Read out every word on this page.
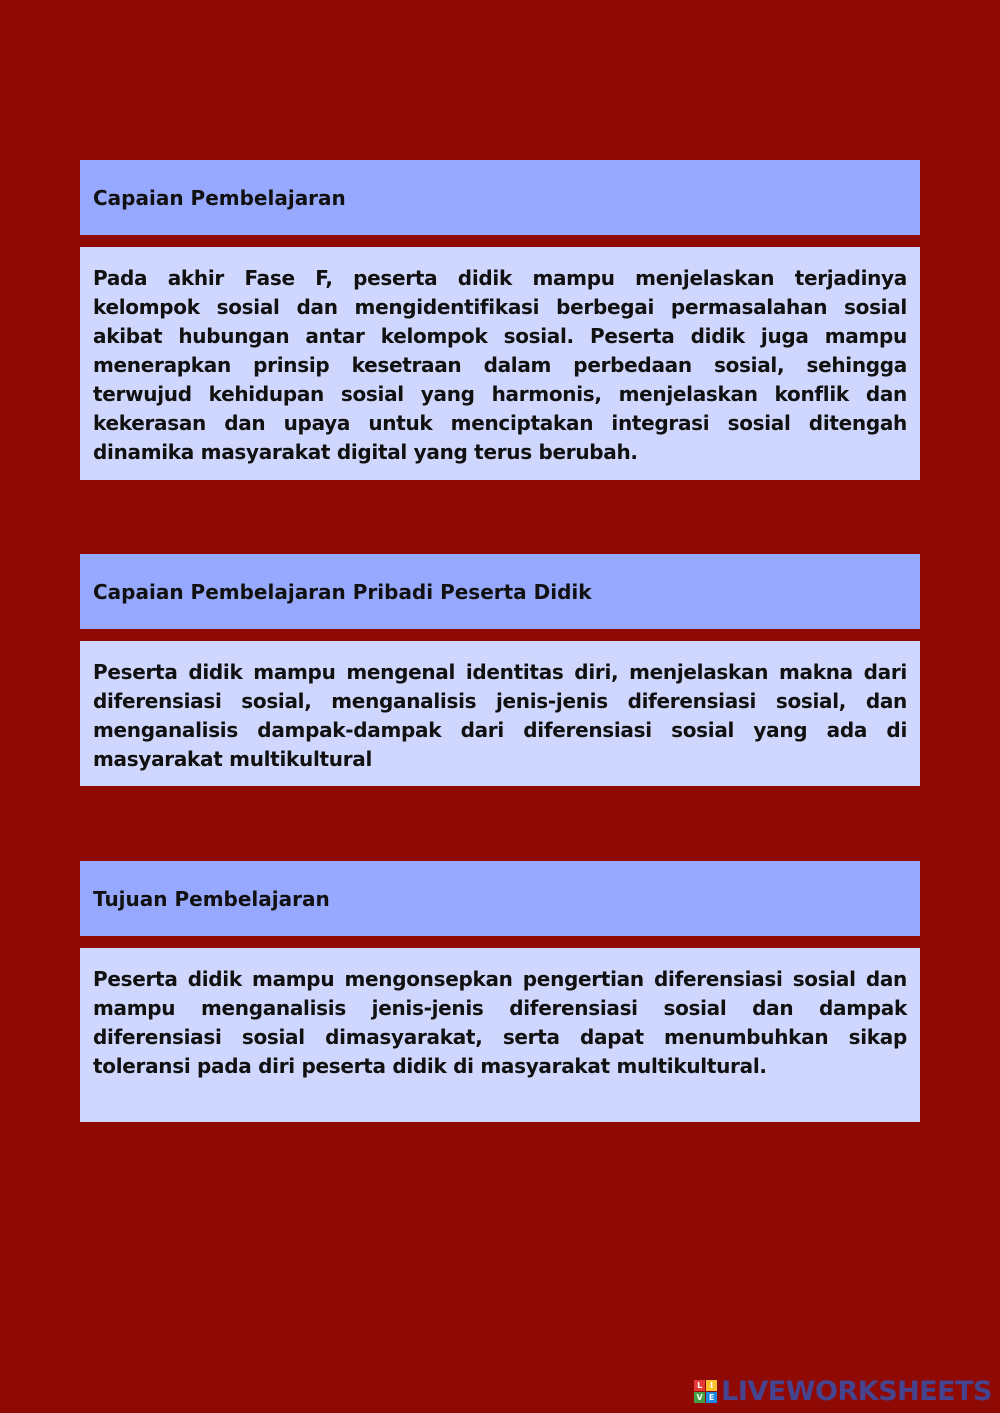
Capaian Pembelajaran
Pada akhir Fase F, peserta didik mampu menjelaskan terjadinya kelompok sosial dan mengidentifikasi berbegai permasalahan sosial akibat hubungan antar kelompok sosial. Peserta didik juga mampu menerapkan prinsip kesetraan dalam perbedaan sosial, sehingga terwujud kehidupan sosial yang harmonis, menjelaskan konflik dan kekerasan dan upaya untuk menciptakan integrasi sosial ditengah dinamika masyarakat digital yang terus berubah.
Capaian Pembelajaran Pribadi Peserta Didik
Peserta didik mampu mengenal identitas diri, menjelaskan makna dari diferensiasi sosial, menganalisis jenis-jenis diferensiasi sosial, dan menganalisis dampak-dampak dari diferensiasi sosial yang ada di masyarakat multikultural
Tujuan Pembelajaran
Peserta didik mampu mengonsepkan pengertian diferensiasi sosial dan mampu menganalisis jenis-jenis diferensiasi sosial dan dampak diferensiasi sosial dimasyarakat, serta dapat menumbuhkan sikap toleransi pada diri peserta didik di masyarakat multikultural.
L I
V E LIVEWORKSHEETS
